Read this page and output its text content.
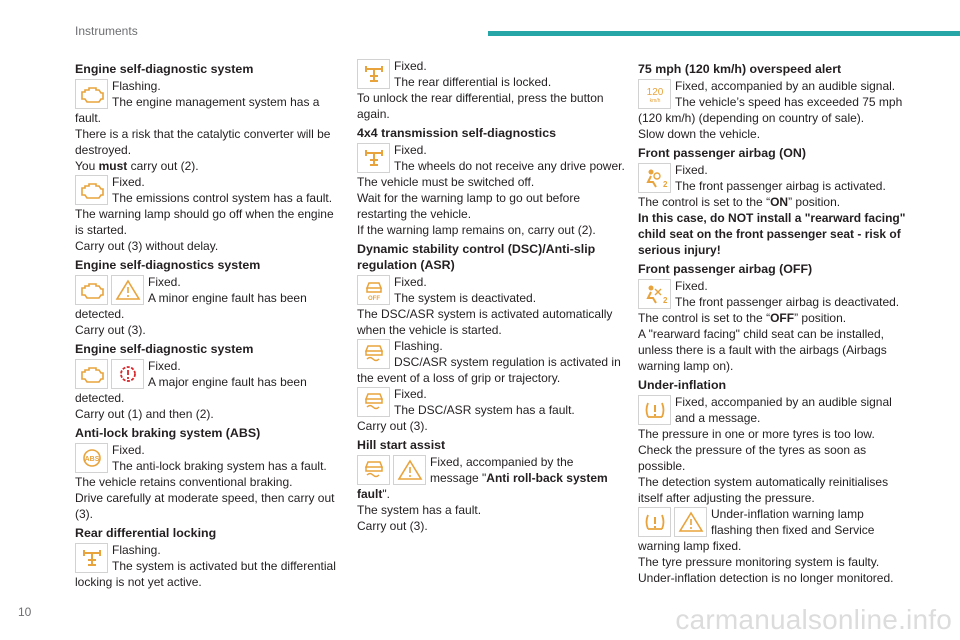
Instruments
Engine self-diagnostic system

Flashing.

The engine management system has a fault.

There is a risk that the catalytic converter will be destroyed.

You must carry out (2).

Fixed.

The emissions control system has a fault.

The warning lamp should go off when the engine is started.

Carry out (3) without delay.

Engine self-diagnostics system

Fixed.

A minor engine fault has been detected.

Carry out (3).

Engine self-diagnostic system

Fixed.

A major engine fault has been detected.

Carry out (1) and then (2).

Anti-lock braking system (ABS)
ABS

Fixed.

The anti-lock braking system has a fault.

The vehicle retains conventional braking.

Drive carefully at moderate speed, then carry out (3).

Rear differential locking

Flashing.

The system is activated but the differential locking is not yet active.

Fixed.

The rear differential is locked.

To unlock the rear differential, press the button again.

4x4 transmission self-diagnostics

Fixed.

The wheels do not receive any drive power.

The vehicle must be switched off.

Wait for the warning lamp to go out before restarting the vehicle.

If the warning lamp remains on, carry out (2).

Dynamic stability control (DSC)/Anti-slip regulation (ASR)
OFF

Fixed.

The system is deactivated.

The DSC/ASR system is activated automatically when the vehicle is started.

Flashing.

DSC/ASR system regulation is activated in the event of a loss of grip or trajectory.

Fixed.

The DSC/ASR system has a fault.

Carry out (3).

Hill start assist

Fixed, accompanied by the message "Anti roll-back system fault".

The system has a fault.

Carry out (3).

75 mph (120 km/h) overspeed alert
120
km/h

Fixed, accompanied by an audible signal.

The vehicle’s speed has exceeded 75 mph (120 km/h) (depending on country of sale).

Slow down the vehicle.

Front passenger airbag (ON)
2

Fixed.

The front passenger airbag is activated.

The control is set to the “ON” position.

In this case, do NOT install a "rearward facing" child seat on the front passenger seat - risk of serious injury!

Front passenger airbag (OFF)
2

Fixed.

The front passenger airbag is deactivated.

The control is set to the “OFF” position.

A "rearward facing" child seat can be installed, unless there is a fault with the airbags (Airbags warning lamp on).

Under-inflation

Fixed, accompanied by an audible signal and a message.

The pressure in one or more tyres is too low.

Check the pressure of the tyres as soon as possible.

The detection system automatically reinitialises itself after adjusting the pressure.

Under-inflation warning lamp flashing then fixed and Service warning lamp fixed.

The tyre pressure monitoring system is faulty.

Under-inflation detection is no longer monitored.

10	carmanualsonline.info
